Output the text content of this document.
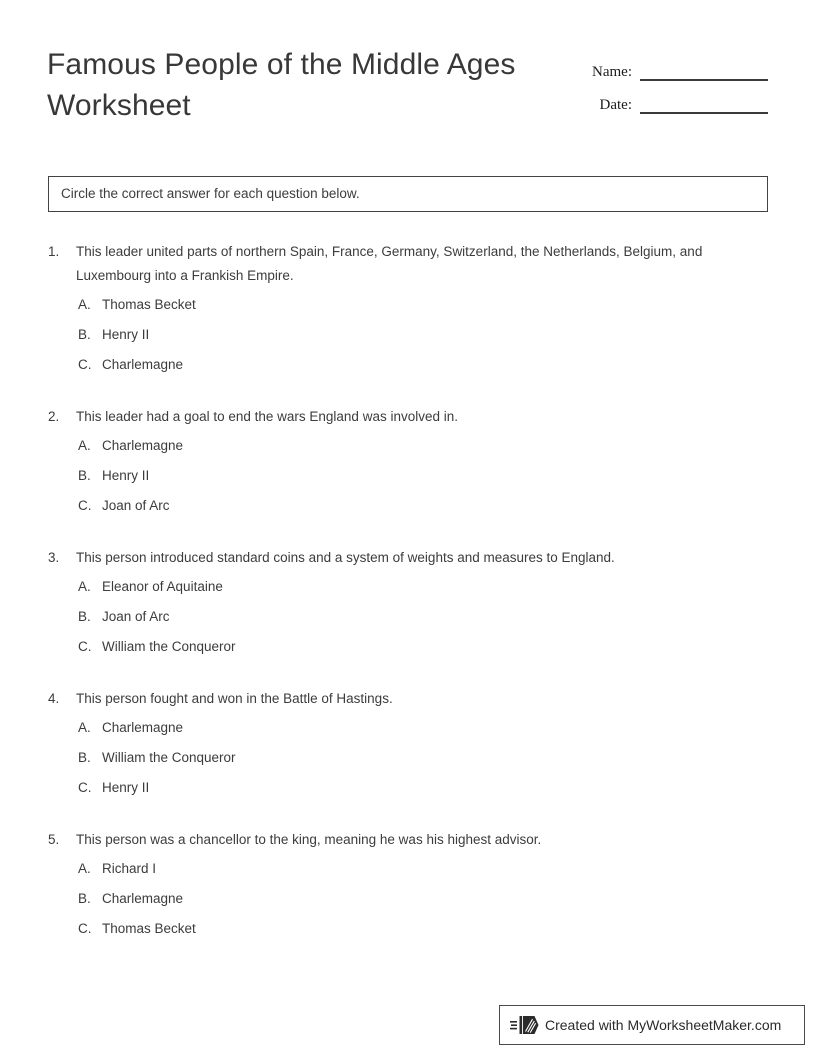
Famous People of the Middle Ages Worksheet
Name:
Date:
Circle the correct answer for each question below.
1.	This leader united parts of northern Spain, France, Germany, Switzerland, the Netherlands, Belgium, and Luxembourg into a Frankish Empire.
A. Thomas Becket
B. Henry II
C. Charlemagne
2.	This leader had a goal to end the wars England was involved in.
A. Charlemagne
B. Henry II
C. Joan of Arc
3.	This person introduced standard coins and a system of weights and measures to England.
A. Eleanor of Aquitaine
B. Joan of Arc
C. William the Conqueror
4.	This person fought and won in the Battle of Hastings.
A. Charlemagne
B. William the Conqueror
C. Henry II
5.	This person was a chancellor to the king, meaning he was his highest advisor.
A. Richard I
B. Charlemagne
C. Thomas Becket
Created with MyWorksheetMaker.com
